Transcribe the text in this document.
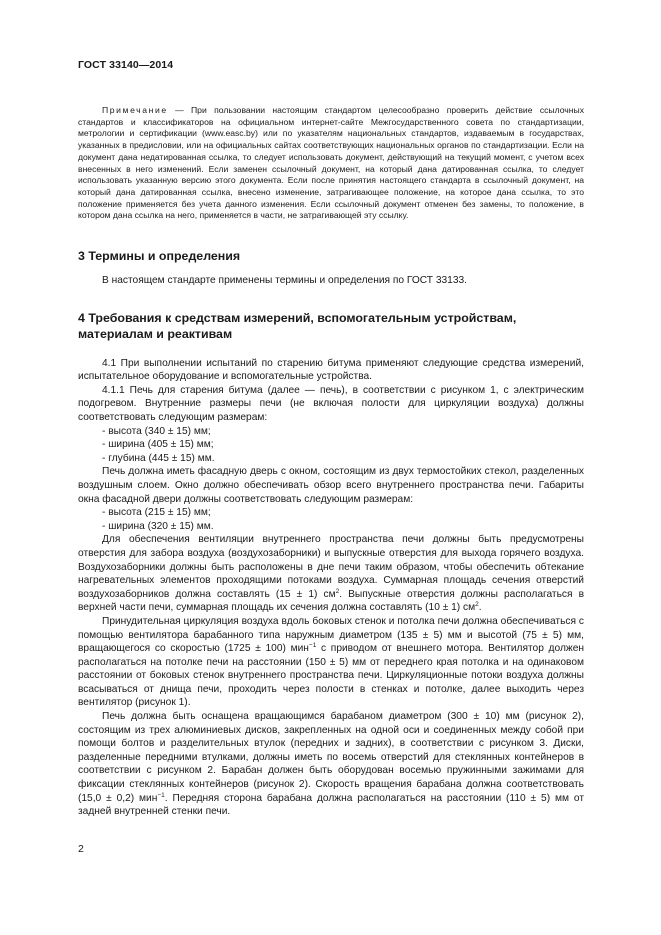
ГОСТ 33140—2014

Примечание — При пользовании настоящим стандартом целесообразно проверить действие ссылочных стандартов и классификаторов на официальном интернет-сайте Межгосударственного совета по стандартизации, метрологии и сертификации (www.easc.by) или по указателям национальных стандартов, издаваемым в государствах, указанных в предисловии, или на официальных сайтах соответствующих национальных органов по стандартизации. Если на документ дана недатированная ссылка, то следует использовать документ, действующий на текущий момент, с учетом всех внесенных в него изменений. Если заменен ссылочный документ, на который дана датированная ссылка, то следует использовать указанную версию этого документа. Если после принятия настоящего стандарта в ссылочный документ, на который дана датированная ссылка, внесено изменение, затрагивающее положение, на которое дана ссылка, то это положение применяется без учета данного изменения. Если ссылочный документ отменен без замены, то положение, в котором дана ссылка на него, применяется в части, не затрагивающей эту ссылку.

3 Термины и определения

В настоящем стандарте применены термины и определения по ГОСТ 33133.

4 Требования к средствам измерений, вспомогательным устройствам, материалам и реактивам

4.1 При выполнении испытаний по старению битума применяют следующие средства измерений, испытательное оборудование и вспомогательные устройства.

4.1.1 Печь для старения битума (далее — печь), в соответствии с рисунком 1, с электрическим подогревом. Внутренние размеры печи (не включая полости для циркуляции воздуха) должны соответствовать следующим размерам:

- высота (340 ± 15) мм;

- ширина (405 ± 15) мм;

- глубина (445 ± 15) мм.

Печь должна иметь фасадную дверь с окном, состоящим из двух термостойких стекол, разделенных воздушным слоем. Окно должно обеспечивать обзор всего внутреннего пространства печи. Габариты окна фасадной двери должны соответствовать следующим размерам:

- высота (215 ± 15) мм;

- ширина (320 ± 15) мм.

Для обеспечения вентиляции внутреннего пространства печи должны быть предусмотрены отверстия для забора воздуха (воздухозаборники) и выпускные отверстия для выхода горячего воздуха. Воздухозаборники должны быть расположены в дне печи таким образом, чтобы обеспечить обтекание нагревательных элементов проходящими потоками воздуха. Суммарная площадь сечения отверстий воздухозаборников должна составлять (15 ± 1) $см^2$. Выпускные отверстия должны располагаться в верхней части печи, суммарная площадь их сечения должна составлять (10 ± 1) $см^2$.

Принудительная циркуляция воздуха вдоль боковых стенок и потолка печи должна обеспечиваться с помощью вентилятора барабанного типа наружным диаметром (135 ± 5) мм и высотой (75 ± 5) мм, вращающегося со скоростью (1725 ± 100) мин$^{-1}$ с приводом от внешнего мотора. Вентилятор должен располагаться на потолке печи на расстоянии (150 ± 5) мм от переднего края потолка и на одинаковом расстоянии от боковых стенок внутреннего пространства печи. Циркуляционные потоки воздуха должны всасываться от днища печи, проходить через полости в стенках и потолке, далее выходить через вентилятор (рисунок 1).

Печь должна быть оснащена вращающимся барабаном диаметром (300 ± 10) мм (рисунок 2), состоящим из трех алюминиевых дисков, закрепленных на одной оси и соединенных между собой при помощи болтов и разделительных втулок (передних и задних), в соответствии с рисунком 3. Диски, разделенные передними втулками, должны иметь по восемь отверстий для стеклянных контейнеров в соответствии с рисунком 2. Барабан должен быть оборудован восемью пружинными зажимами для фиксации стеклянных контейнеров (рисунок 2). Скорость вращения барабана должна соответствовать (15,0 ± 0,2) мин$^{-1}$. Передняя сторона барабана должна располагаться на расстоянии (110 ± 5) мм от задней внутренней стенки печи.

2
